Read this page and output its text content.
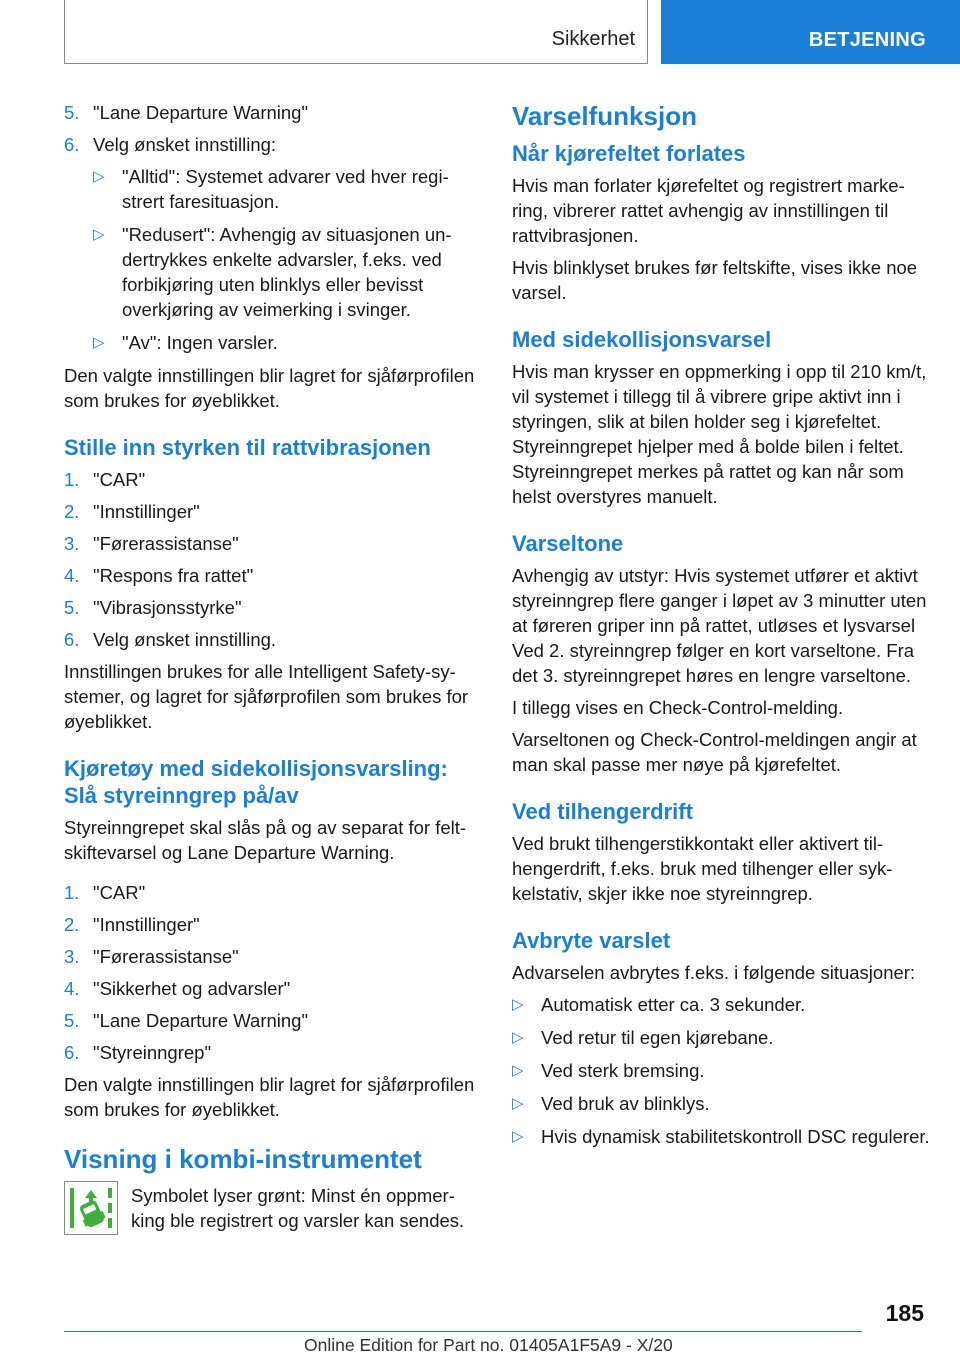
Sikkerhet	BETJENING
5. "Lane Departure Warning"
6. Velg ønsket innstilling:
▷ "Alltid": Systemet advarer ved hver registrert faresituasjon.
▷ "Redusert": Avhengig av situasjonen undertrykkes enkelte advarsler, f.eks. ved forbikjøring uten blinklys eller bevisst overkjøring av veimerking i svinger.
▷ "Av": Ingen varsler.

Den valgte innstillingen blir lagret for sjåførprofilen som brukes for øyeblikket.

Stille inn styrken til rattvibrasjonen
1. "CAR"
2. "Innstillinger"
3. "Førerassistanse"
4. "Respons fra rattet"
5. "Vibrasjonsstyrke"
6. Velg ønsket innstilling.

Innstillingen brukes for alle Intelligent Safety-systemer, og lagret for sjåførprofilen som brukes for øyeblikket.

Kjøretøy med sidekollisjonsvarsling: Slå styreinngrep på/av

Styreinngrepet skal slås på og av separat for feltskiftevarsel og Lane Departure Warning.

1. "CAR"
2. "Innstillinger"
3. "Førerassistanse"
4. "Sikkerhet og advarsler"
5. "Lane Departure Warning"
6. "Styreinngrep"

Den valgte innstillingen blir lagret for sjåførprofilen som brukes for øyeblikket.

Visning i kombi-instrumentet

Symbolet lyser grønt: Minst én oppmerking ble registrert og varsler kan sendes.

Varselfunksjon
Når kjørefeltet forlates

Hvis man forlater kjørefeltet og registrert markering, vibrerer rattet avhengig av innstillingen til rattvibrasjonen.

Hvis blinklyset brukes før feltskifte, vises ikke noe varsel.

Med sidekollisjonsvarsel

Hvis man krysser en oppmerking i opp til 210 km/t, vil systemet i tillegg til å vibrere gripe aktivt inn i styringen, slik at bilen holder seg i kjørefeltet. Styreinngrepet hjelper med å bolde bilen i feltet. Styreinngrepet merkes på rattet og kan når som helst overstyres manuelt.

Varseltone

Avhengig av utstyr: Hvis systemet utfører et aktivt styreinngrep flere ganger i løpet av 3 minutter uten at føreren griper inn på rattet, utløses et lysvarsel Ved 2. styreinngrep følger en kort varseltone. Fra det 3. styreinngrepet høres en lengre varseltone.

I tillegg vises en Check-Control-melding.

Varseltonen og Check-Control-meldingen angir at man skal passe mer nøye på kjørefeltet.

Ved tilhengerdrift

Ved brukt tilhengerstikkontakt eller aktivert tilhengerdrift, f.eks. bruk med tilhenger eller sykkelstativ, skjer ikke noe styreinngrep.

Avbryte varslet

Advarselen avbrytes f.eks. i følgende situasjoner:

▷ Automatisk etter ca. 3 sekunder.
▷ Ved retur til egen kjørebane.
▷ Ved sterk bremsing.
▷ Ved bruk av blinklys.
▷ Hvis dynamisk stabilitetskontroll DSC regulerer.
185
Online Edition for Part no. 01405A1F5A9 - X/20
